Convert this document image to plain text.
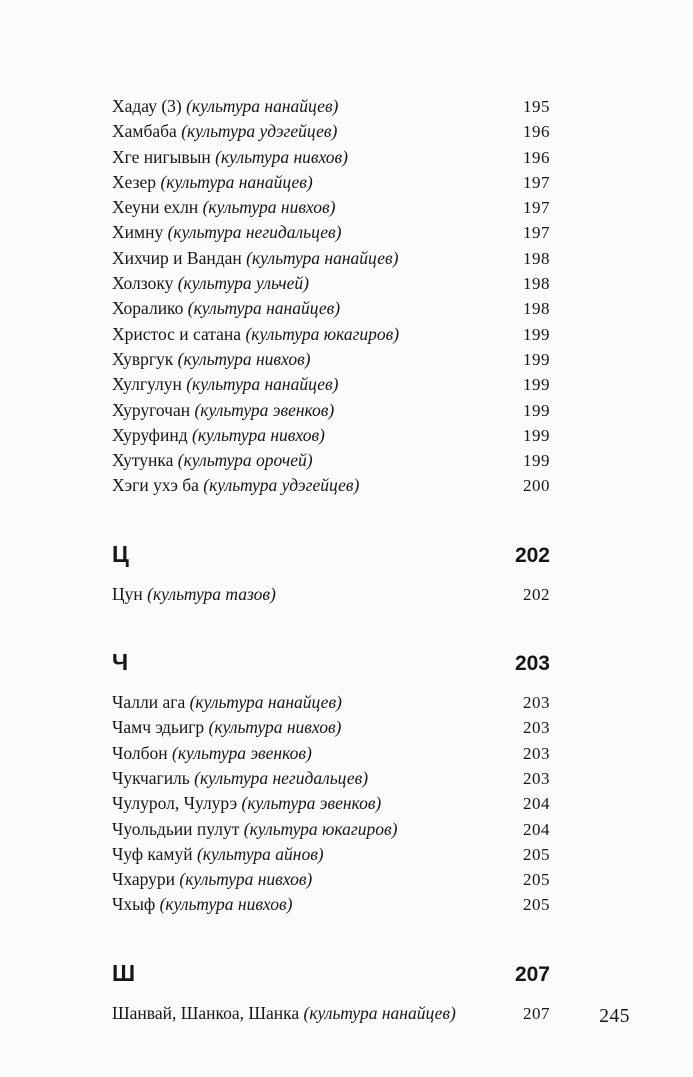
Хадау (3) (культура нанайцев)	195
Хамбаба (культура удэгейцев)	196
Хге нигывын (культура нивхов)	196
Хезер (культура нанайцев)	197
Хеуни ехлн (культура нивхов)	197
Химну (культура негидальцев)	197
Хихчир и Вандан (культура нанайцев)	198
Холзоку (культура ульчей)	198
Хоралико (культура нанайцев)	198
Христос и сатана (культура юкагиров)	199
Хувргук (культура нивхов)	199
Хулгулун (культура нанайцев)	199
Хуругочан (культура эвенков)	199
Хуруфинд (культура нивхов)	199
Хутунка (культура орочей)	199
Хэги ухэ ба (культура удэгейцев)	200
Ц	202
Цун (культура тазов)	202
Ч	203
Чалли ага (культура нанайцев)	203
Чамч эдьигр (культура нивхов)	203
Чолбон (культура эвенков)	203
Чукчагиль (культура негидальцев)	203
Чулурол, Чулурэ (культура эвенков)	204
Чуольдьии пулут (культура юкагиров)	204
Чуф камуй (культура айнов)	205
Чхарури (культура нивхов)	205
Чхыф (культура нивхов)	205
Ш	207
Шанвай, Шанкоа, Шанка (культура нанайцев)	207	245
